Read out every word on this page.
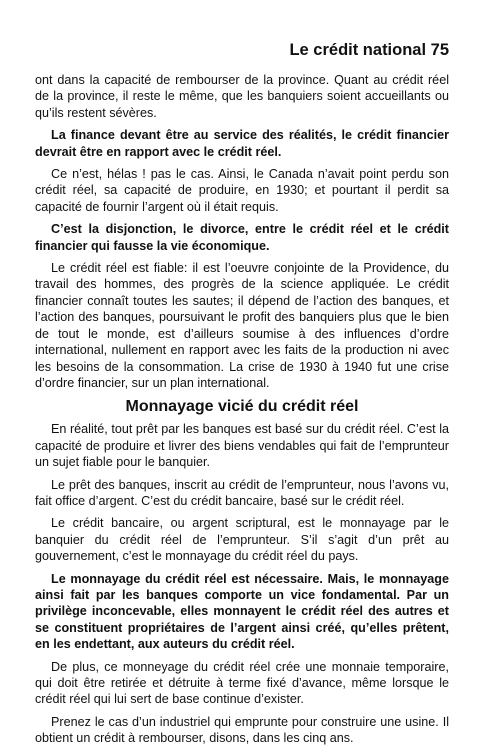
Le crédit national 75

ont dans la capacité de rembourser de la province. Quant au crédit réel de la province, il reste le même, que les banquiers soient accueillants ou qu’ils restent sévères.

La finance devant être au service des réalités, le crédit financier devrait être en rapport avec le crédit réel.

Ce n’est, hélas ! pas le cas. Ainsi, le Canada n’avait point perdu son crédit réel, sa capacité de produire, en 1930; et pourtant il perdit sa capacité de fournir l’argent où il était requis.

C’est la disjonction, le divorce, entre le crédit réel et le crédit financier qui fausse la vie économique.

Le crédit réel est fiable: il est l’oeuvre conjointe de la Providence, du travail des hommes, des progrès de la science appliquée. Le crédit financier connaît toutes les sautes; il dépend de l’action des banques, et l’action des banques, poursuivant le profit des banquiers plus que le bien de tout le monde, est d’ailleurs soumise à des influences d’ordre international, nullement en rapport avec les faits de la production ni avec les besoins de la consommation. La crise de 1930 à 1940 fut une crise d’ordre financier, sur un plan international.

Monnayage vicié du crédit réel

En réalité, tout prêt par les banques est basé sur du crédit réel. C’est la capacité de produire et livrer des biens vendables qui fait de l’emprunteur un sujet fiable pour le banquier.

Le prêt des banques, inscrit au crédit de l’emprunteur, nous l’avons vu, fait office d’argent. C’est du crédit bancaire, basé sur le crédit réel.

Le crédit bancaire, ou argent scriptural, est le monnayage par le banquier du crédit réel de l’emprunteur. S’il s’agit d’un prêt au gouvernement, c’est le monnayage du crédit réel du pays.

Le monnayage du crédit réel est nécessaire. Mais, le monnayage ainsi fait par les banques comporte un vice fondamental. Par un privilège inconcevable, elles monnayent le crédit réel des autres et se constituent propriétaires de l’argent ainsi créé, qu’elles prêtent, en les endettant, aux auteurs du crédit réel.

De plus, ce monneyage du crédit réel crée une monnaie temporaire, qui doit être retirée et détruite à terme fixé d’avance, même lorsque le crédit réel qui lui sert de base continue d’exister.

Prenez le cas d’un industriel qui emprunte pour construire une usine. Il obtient un crédit à rembourser, disons, dans les cinq ans.
